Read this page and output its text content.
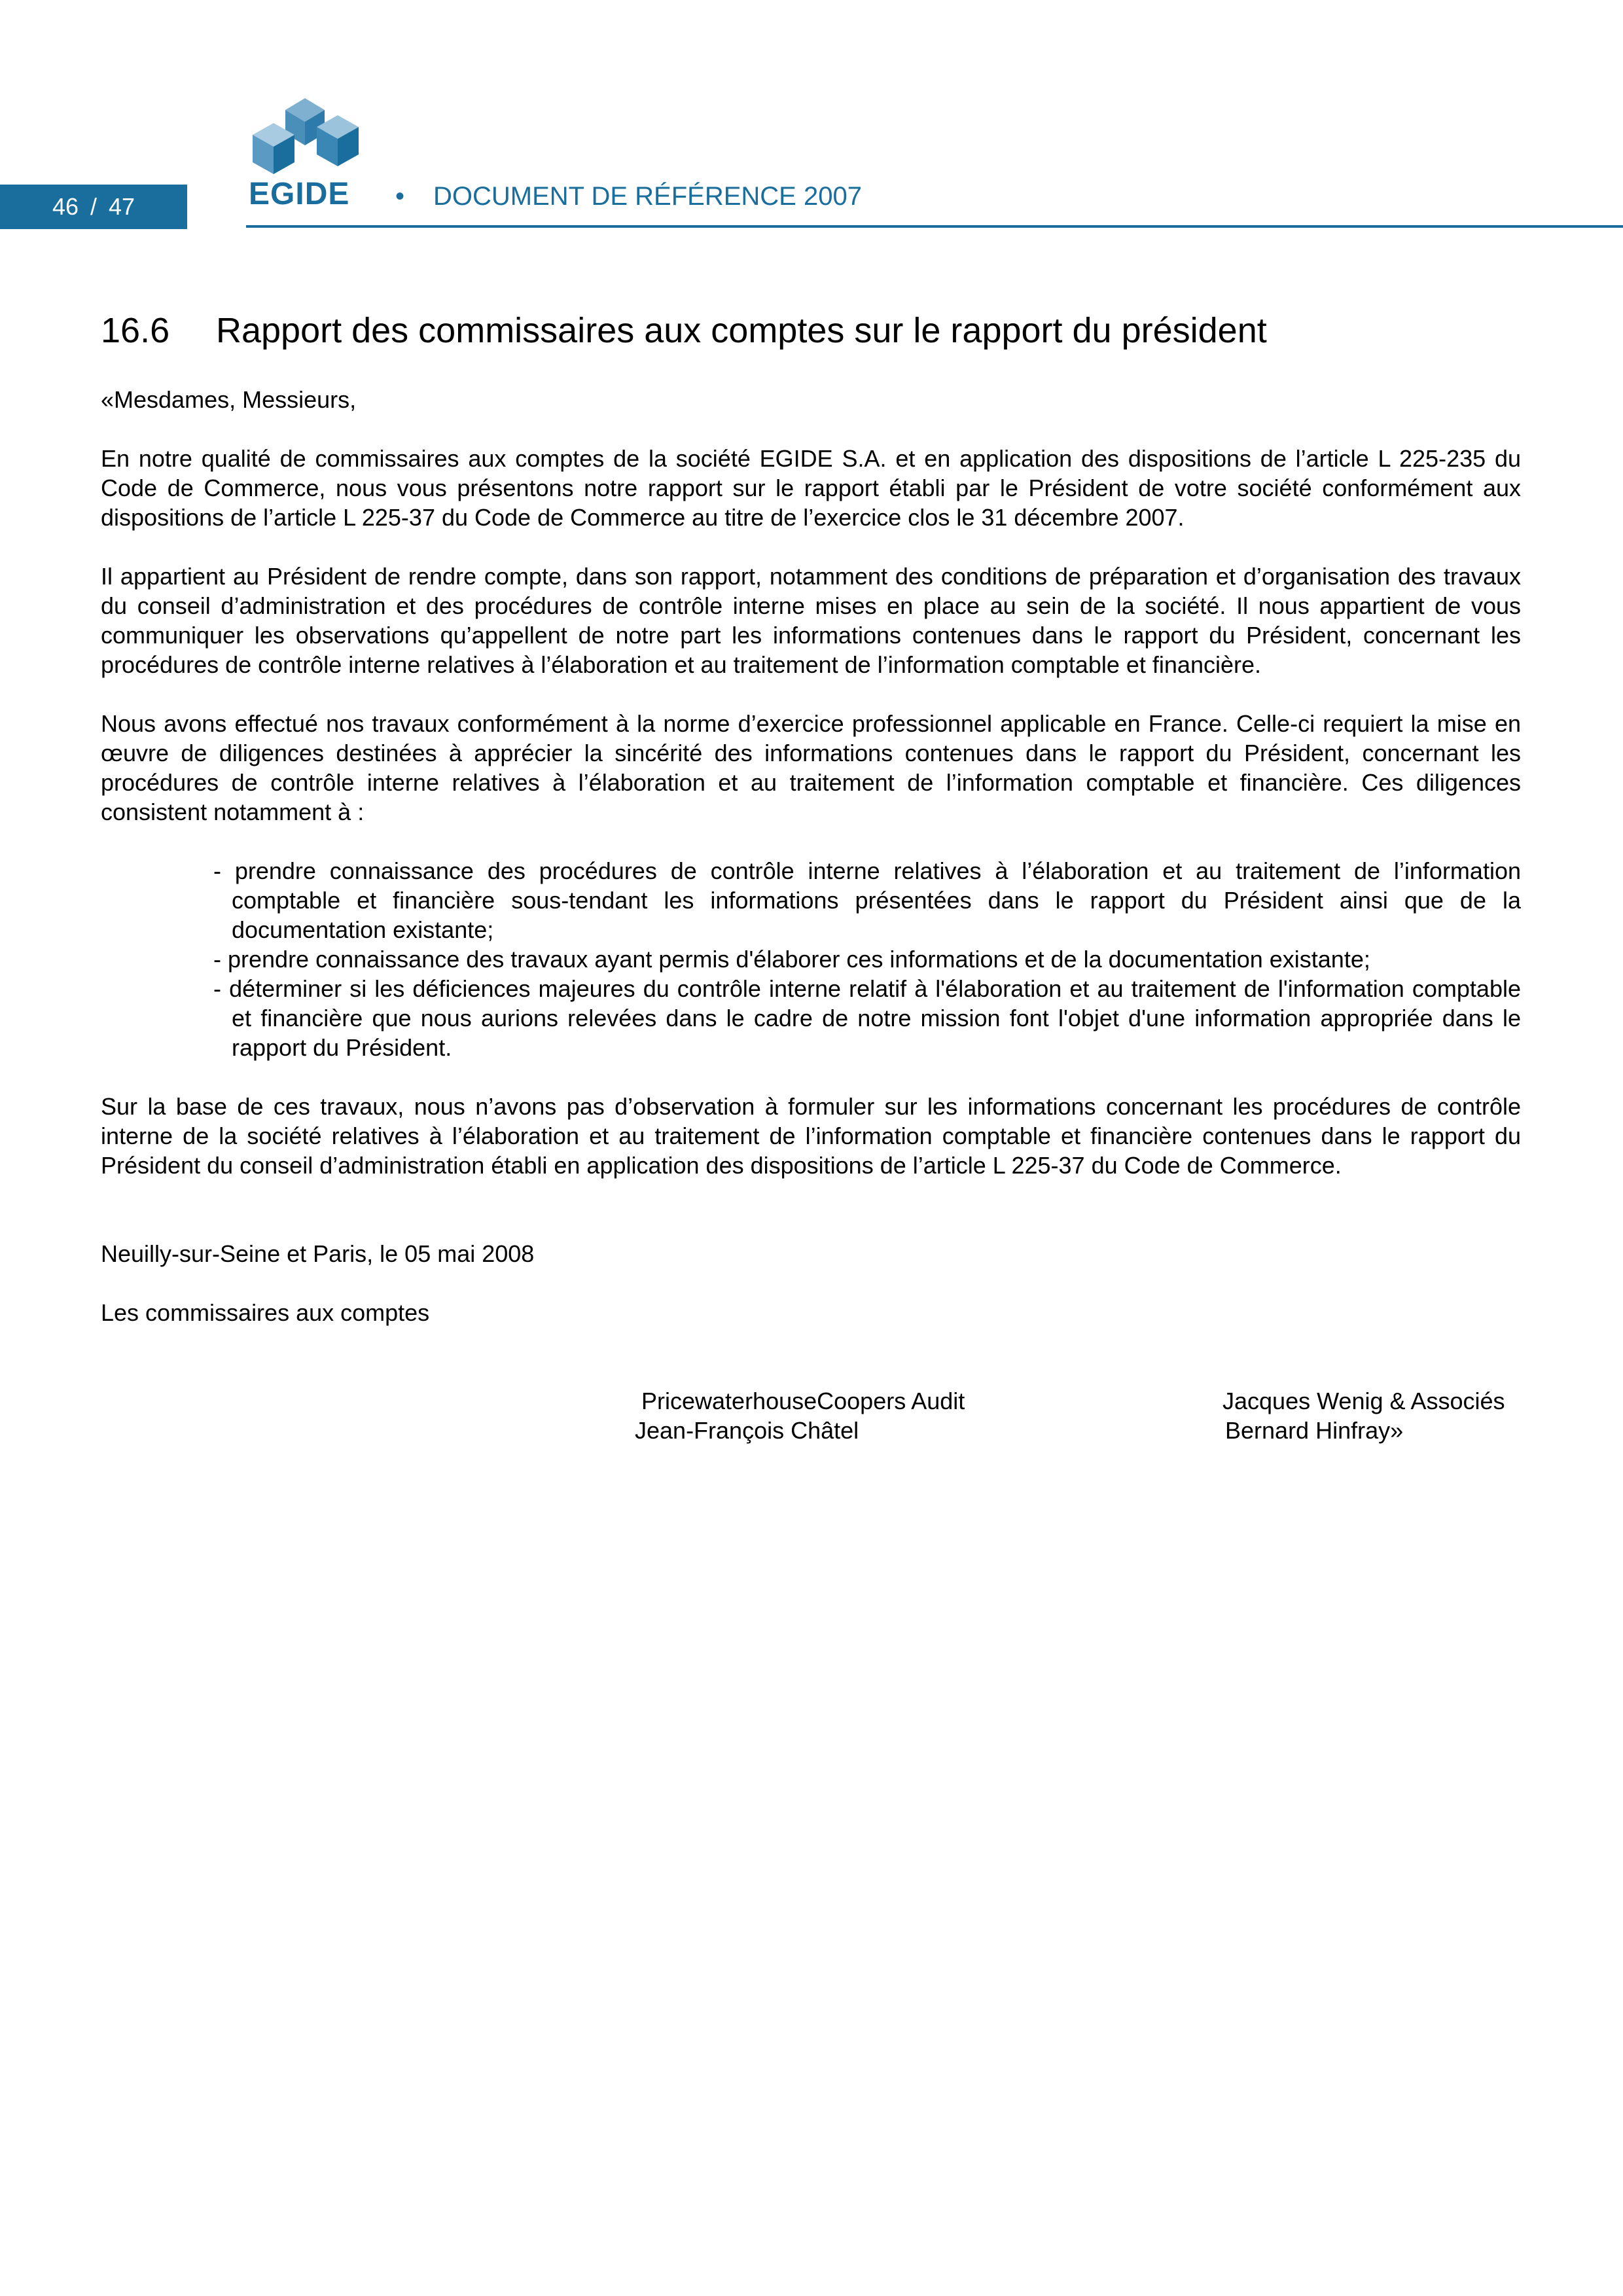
46 / 47	EGIDE	• DOCUMENT DE RÉFÉRENCE 2007
16.6 Rapport des commissaires aux comptes sur le rapport du président

«Mesdames, Messieurs,

En notre qualité de commissaires aux comptes de la société EGIDE S.A. et en application des dispositions de l’article L 225-235 du Code de Commerce, nous vous présentons notre rapport sur le rapport établi par le Président de votre société conformément aux dispositions de l’article L 225-37 du Code de Commerce au titre de l’exercice clos le 31 décembre 2007.

Il appartient au Président de rendre compte, dans son rapport, notamment des conditions de préparation et d’organisation des travaux du conseil d’administration et des procédures de contrôle interne mises en place au sein de la société. Il nous appartient de vous communiquer les observations qu’appellent de notre part les informations contenues dans le rapport du Président, concernant les procédures de contrôle interne relatives à l’élaboration et au traitement de l’information comptable et financière.

Nous avons effectué nos travaux conformément à la norme d’exercice professionnel applicable en France. Celle-ci requiert la mise en œuvre de diligences destinées à apprécier la sincérité des informations contenues dans le rapport du Président, concernant les procédures de contrôle interne relatives à l’élaboration et au traitement de l’information comptable et financière. Ces diligences consistent notamment à :

- prendre connaissance des procédures de contrôle interne relatives à l’élaboration et au traitement de l’information comptable et financière sous-tendant les informations présentées dans le rapport du Président ainsi que de la documentation existante;
- prendre connaissance des travaux ayant permis d'élaborer ces informations et de la documentation existante;
- déterminer si les déficiences majeures du contrôle interne relatif à l'élaboration et au traitement de l'information comptable et financière que nous aurions relevées dans le cadre de notre mission font l'objet d'une information appropriée dans le rapport du Président.

Sur la base de ces travaux, nous n’avons pas d’observation à formuler sur les informations concernant les procédures de contrôle interne de la société relatives à l’élaboration et au traitement de l’information comptable et financière contenues dans le rapport du Président du conseil d’administration établi en application des dispositions de l’article L 225-37 du Code de Commerce.

Neuilly-sur-Seine et Paris, le 05 mai 2008

Les commissaires aux comptes

PricewaterhouseCoopers Audit
Jean-François Châtel
Jacques Wenig & Associés
Bernard Hinfray»
